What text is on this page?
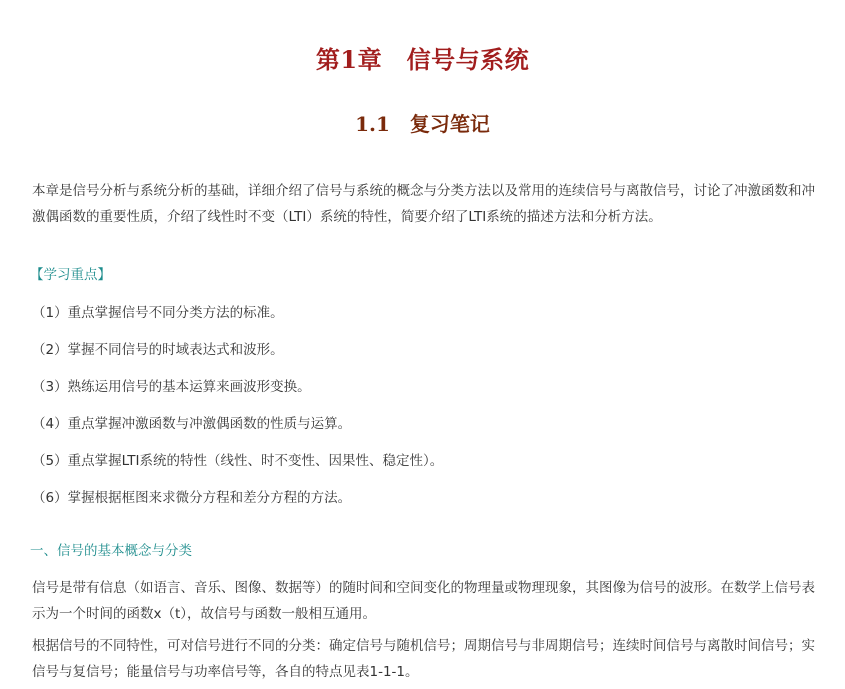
第1章　信号与系统
1.1　复习笔记
本章是信号分析与系统分析的基础，详细介绍了信号与系统的概念与分类方法以及常用的连续信号与离散信号，讨论了冲激函数和冲激偶函数的重要性质，介绍了线性时不变（LTI）系统的特性，简要介绍了LTI系统的描述方法和分析方法。
【学习重点】
（1）重点掌握信号不同分类方法的标准。
（2）掌握不同信号的时域表达式和波形。
（3）熟练运用信号的基本运算来画波形变换。
（4）重点掌握冲激函数与冲激偶函数的性质与运算。
（5）重点掌握LTI系统的特性（线性、时不变性、因果性、稳定性）。
（6）掌握根据框图来求微分方程和差分方程的方法。
一、信号的基本概念与分类
信号是带有信息（如语言、音乐、图像、数据等）的随时间和空间变化的物理量或物理现象，其图像为信号的波形。在数学上信号表示为一个时间的函数x（t），故信号与函数一般相互通用。
根据信号的不同特性，可对信号进行不同的分类：确定信号与随机信号；周期信号与非周期信号；连续时间信号与离散时间信号；实信号与复信号；能量信号与功率信号等，各自的特点见表1-1-1。
